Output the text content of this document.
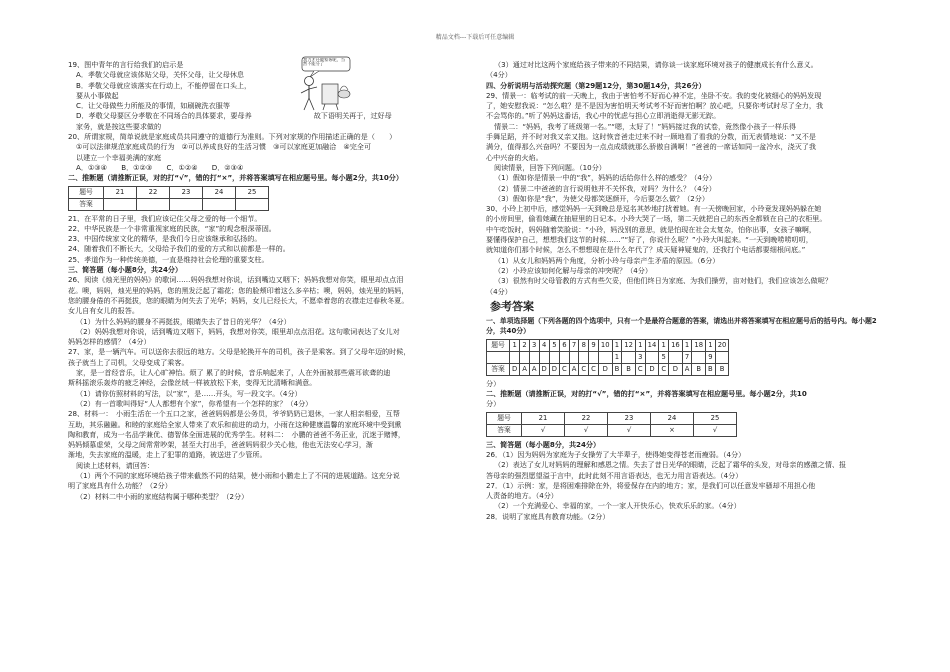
精品文档---下载后可任意编辑

19、图中青年的言行给我们的启示是

A．孝敬父母就应该体贴父母，关怀父母，让父母休息

B．孝敬父母就应该落实在行动上，不能停留在口头上，

要从小事做起

C．让父母做些力所能及的事情，如刷碗洗衣服等

D．孝敬父母要区分孝敬在不同场合的具体要求，要母养	故下语明关再于，过好母

家务，就是按这些要求做的

我力才还做家务呢，当然不能分了

20、所谓家规，简单说就是家庭成员共同遵守的道德行为准则。下列对家规的作用描述正确的是（　　）

①可以法律规范家庭成员的行为　②可以养成良好的生活习惯　③可以家庭更加融洽　④完全可

以建立一个幸福美满的家庭

A．①③④　　B．①②③　　C．①②④　　D．②③④

二、推断题（请推断正误，对的打“√”，错的打“×”，并将答案填写在相应题号里。每小题2分，共10分）

题号	21	22	23	24	25
答案					

21、在平常的日子里，我们应该记住父母之爱的每一个细节。

22、中华民族是一个非常重视家庭的民族，“家”的观念根深蒂固。

23、中国传统家文化的精华，是我们今日应该继承和弘扬的。

24、随着我们不断长大，父母给予我们的爱的方式和以前都是一样的。

25、孝道作为一种传统美德，一直是维持社会伦理的重要支柱。

三、简答题（每小题8分，共24分）

26、阅读《烛光里的妈妈》的歌词……妈妈我想对你说，话到嘴边又咽下；妈妈我想对你笑，眼里却点点泪

花。噢，妈妈，烛光里的妈妈，您的黑发泛起了霜花；您的脸颊印着这么多辛枯；噢，妈妈，烛光里的妈妈，

您的腰身倦的不再挺拔，您的眼睛为何失去了光华；妈妈，女儿已经长大，不愿牵着您的衣襟走过春秋冬夏。

女儿自有女儿的报答。

（1）为什么妈妈的腰身不再挺拔，眼睛失去了昔日的光华？（4分）

（2）妈妈我想对你说，话到嘴边又咽下，妈妈，我想对你笑，眼里却点点泪花。这句歌词表达了女儿对

妈妈怎样的感情？（4分）

27、家，是一辆汽车。可以送你去很远的地方。父母是轮换开车的司机，孩子是乘客。到了父母年迈的时候，

孩子就当上了司机，父母变成了乘客。

家，是一首经音乐，让人心旷神怡。烦了 累了的时候，音乐响起来了，人在外面被那些震耳欲聋的迪

斯科摇滚乐轰炸的疲乏神经，会像丝绒一样被放松下来，变得无比清晰和满意。

（1）请你仿照材料的写法，以“家”，是……开头，写一段文字。（4分）

（2）有一首歌叫得好“人人都想有个家”，你希望有一个怎样的家？（4分）

28、材料一：　小雨生活在一个五口之家，爸爸妈妈都是公务员，爷爷奶奶已退休，一家人相亲相爱，互帮

互助，其乐融融。和睦的家庭给全家人带来了欢乐和前进的动力，小雨在这种健康温馨的家庭环境中受到熏

陶和教育，成为一名品学兼优、德智体全面进展的优秀学生。材料二：　小鹏的爸爸不务正业，沉迷于赌博，

妈妈倾慕虚荣，父母之间常常吵架，甚至大打出手，爸爸妈妈很少关心他，他也无法安心学习，渐

渐地，失去家庭的温暖，走上了犯罪的道路，被送进了少管所。

阅读上述材料，请回答：

（1）两个不同的家庭环境给孩子带来截然不同的结果，使小雨和小鹏走上了不同的进展道路。这充分说

明了家庭具有什么功能？（2分）

（2）材料二中小雨的家庭结构属于哪种类型？（2分）

（3）通过对比这两个家庭给孩子带来的不同结果，请你谈一谈家庭环境对孩子的健康成长有什么意义。

（4分）

四、分析说明与活动探究题（第29题12分，第30题14分，共26分）

29、情景一：临考试的前一天晚上，我由于害怕考不好而心神不定，坐卧不安。我的变化被细心的妈妈发现

了，她安慰我说：“怎么啦？是不是因为害怕明天考试考不好而害怕啊？放心吧，只要你考试时尽了全力，我

不会骂你的。”听了妈妈这番话，我心中的忧虑与担心立即消逝得无影无踪。

情景二：“妈妈，我考了班级第一名。”“嗯，太好了！”妈妈接过我的试卷，竟然像小孩子一样乐得

手舞足蹈，并不时对我又亲又抱。这时恢音爸走过来不时一顾地看了看我的分数，而无表情地说：“又不是

满分，值得那么兴奋吗？不要因为一点点成绩就那么骄傲自满啊！”爸爸的一席话如同一盆冷水，浇灭了我

心中兴奋的火焰。

阅读情景，回答下列问题。（10分）

（1）假如你是情景一中的“我”，妈妈的话给你什么样的感受？（4分）

（2）情景二中爸爸的言行说明他并不关怀我，对吗？为什么？（4分）

（3）假如你是“我”，为使父母都笑逐颜开，今后要怎么做？（2分）

30、小玲上初中后，感觉妈妈一天到晚总是逗名其妙地打扰着她。有一天傍晚回家，小玲竟发现妈妈躲在她

的小房间里，偷看她藏在抽屉里的日记本。小玲大哭了一场，第二天就把自己的东西全都锁在自己的衣柜里。

中午吃饭时，妈妈随着笑脸说：“小玲，妈没别的意思，就是怕现在社会太复杂，怕你出事，女孩子嘛啊，

要懂得保护自己，想想我们这节的时候……”“好了，你说什么呢？”小玲大叫起来。“一天到晚唠唠叨叨，

就知道你们那个时候，怎么不想想现在是什么年代了？成天疑神疑鬼的，还我打个电话都要细根问底。”

（1）从女儿和妈妈两个角度，分析小玲与母亲产生矛盾的原因。（6分）

（2）小玲应该如何化解与母亲的冲突呢？（4分）

（3）很然有时父母管教的方式有些欠妥，但他们终日为家庭、为我们操劳，亩对他们，我们应该怎么做呢？

（4分）

参考答案

一、单项选择题（下列各题的四个选项中，只有一个是最符合题意的答案，请选出并将答案填写在相应题号后的括号内。每小题2分，共40分）

题号	1	2	3	4	5	6	7	8	9	10	1	12	1	14	1	16	1	18	1	20
											1		3		5		7		9	
答案	D	A	A	D	D	C	A	C	C	D	B	B	C	D	C	D	A	B	B	B

分）

二、推断题（请推断正误，对的打“√”，错的打“×”，并将答案填写在相应题号里。每小题2分，共10

分）

题号	21	22	23	24	25
答案	√	√	√	×	√

三、简答题（每小题8分，共24分）

26．（1）因为妈妈为家庭为子女操劳了大半辈子，使得她变得苍老而瘦弱。（4分）

（2）表达了女儿对妈妈的理解和感恩之情。失去了昔日光华的眼睛，泛起了霜华的头发，对母亲的感激之情、报

答母亲的强烈愿望溢于言中，此时此刻不用言语表达，也无力用言语表达。（4分）

27．（1）示例：家，是将困难排除在外，将爱保存在内的地方；家，是我们可以任意发牢骚却不用担心他

人责备的地方。（4分）

（2）一个充满爱心、幸福的家，一个一家人开快乐心，快欢乐乐的家。（4分）

28．说明了家庭具有教育功能。（2分）
